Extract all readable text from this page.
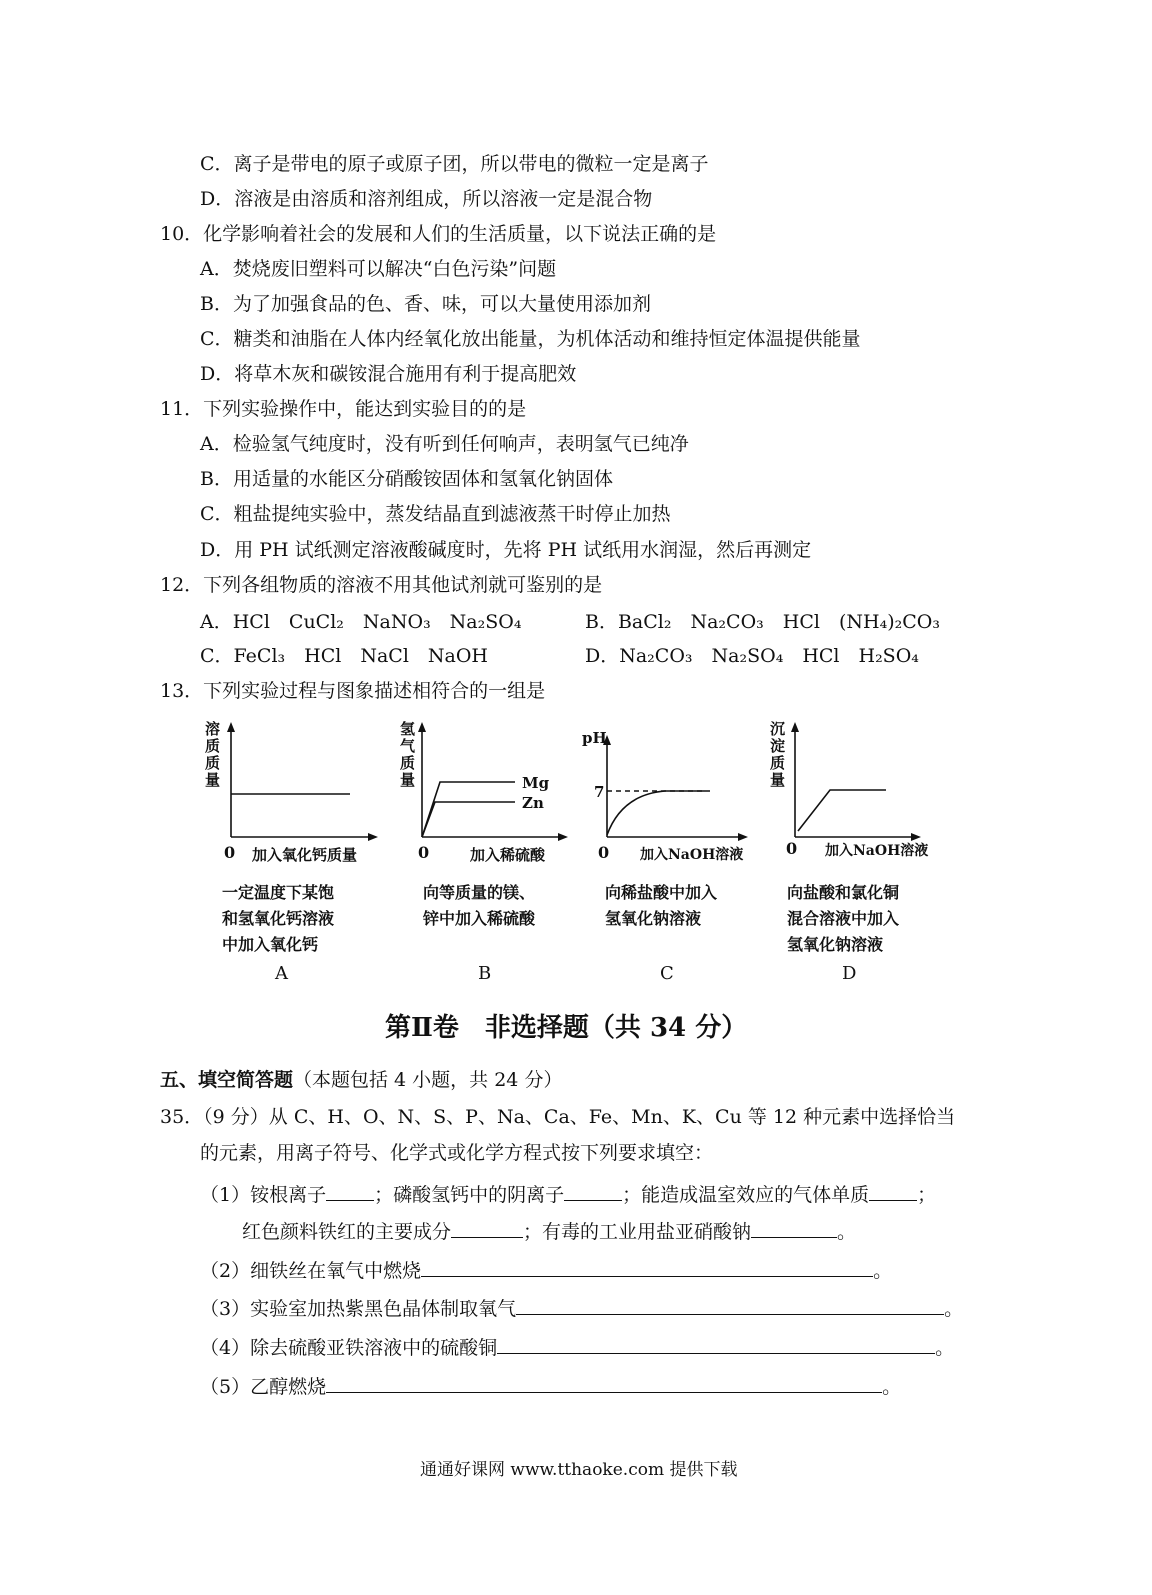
C．离子是带电的原子或原子团，所以带电的微粒一定是离子
D．溶液是由溶质和溶剂组成，所以溶液一定是混合物
10．化学影响着社会的发展和人们的生活质量，以下说法正确的是
A．焚烧废旧塑料可以解决“白色污染”问题
B．为了加强食品的色、香、味，可以大量使用添加剂
C．糖类和油脂在人体内经氧化放出能量，为机体活动和维持恒定体温提供能量
D．将草木灰和碳铵混合施用有利于提高肥效
11．下列实验操作中，能达到实验目的的是
A．检验氢气纯度时，没有听到任何响声，表明氢气已纯净
B．用适量的水能区分硝酸铵固体和氢氧化钠固体
C．粗盐提纯实验中，蒸发结晶直到滤液蒸干时停止加热
D．用 PH 试纸测定溶液酸碱度时，先将 PH 试纸用水润湿，然后再测定
12．下列各组物质的溶液不用其他试剂就可鉴别的是
A．HCl　CuCl₂　NaNO₃　Na₂SO₄	B．BaCl₂　Na₂CO₃　HCl　(NH₄)₂CO₃
C．FeCl₃　HCl　NaCl　NaOH	D．Na₂CO₃　Na₂SO₄　HCl　H₂SO₄
13．下列实验过程与图象描述相符合的一组是
溶质质量
0 加入氧化钙质量
一定温度下某饱
和氢氧化钙溶液
中加入氧化钙
A
氢气质量	Mg
Zn
0	加入稀硫酸
向等质量的镁、
锌中加入稀硫酸
B
pH
7
0 加入NaOH溶液
向稀盐酸中加入
氢氧化钠溶液
C
沉淀质量
0 加入NaOH溶液
向盐酸和氯化铜
混合溶液中加入
氢氧化钠溶液
D
第Ⅱ卷　非选择题（共 34 分）
五、填空简答题（本题包括 4 小题，共 24 分）
35．（9 分）从 C、H、O、N、S、P、Na、Ca、Fe、Mn、K、Cu 等 12 种元素中选择恰当
的元素，用离子符号、化学式或化学方程式按下列要求填空：
（1）铵根离子	；磷酸氢钙中的阴离子	；能造成温室效应的气体单质	；
红色颜料铁红的主要成分	；有毒的工业用盐亚硝酸钠	。
（2）细铁丝在氧气中燃烧	。
（3）实验室加热紫黑色晶体制取氧气	。
（4）除去硫酸亚铁溶液中的硫酸铜	。
（5）乙醇燃烧	。
通通好课网 www.tthaoke.com 提供下载
